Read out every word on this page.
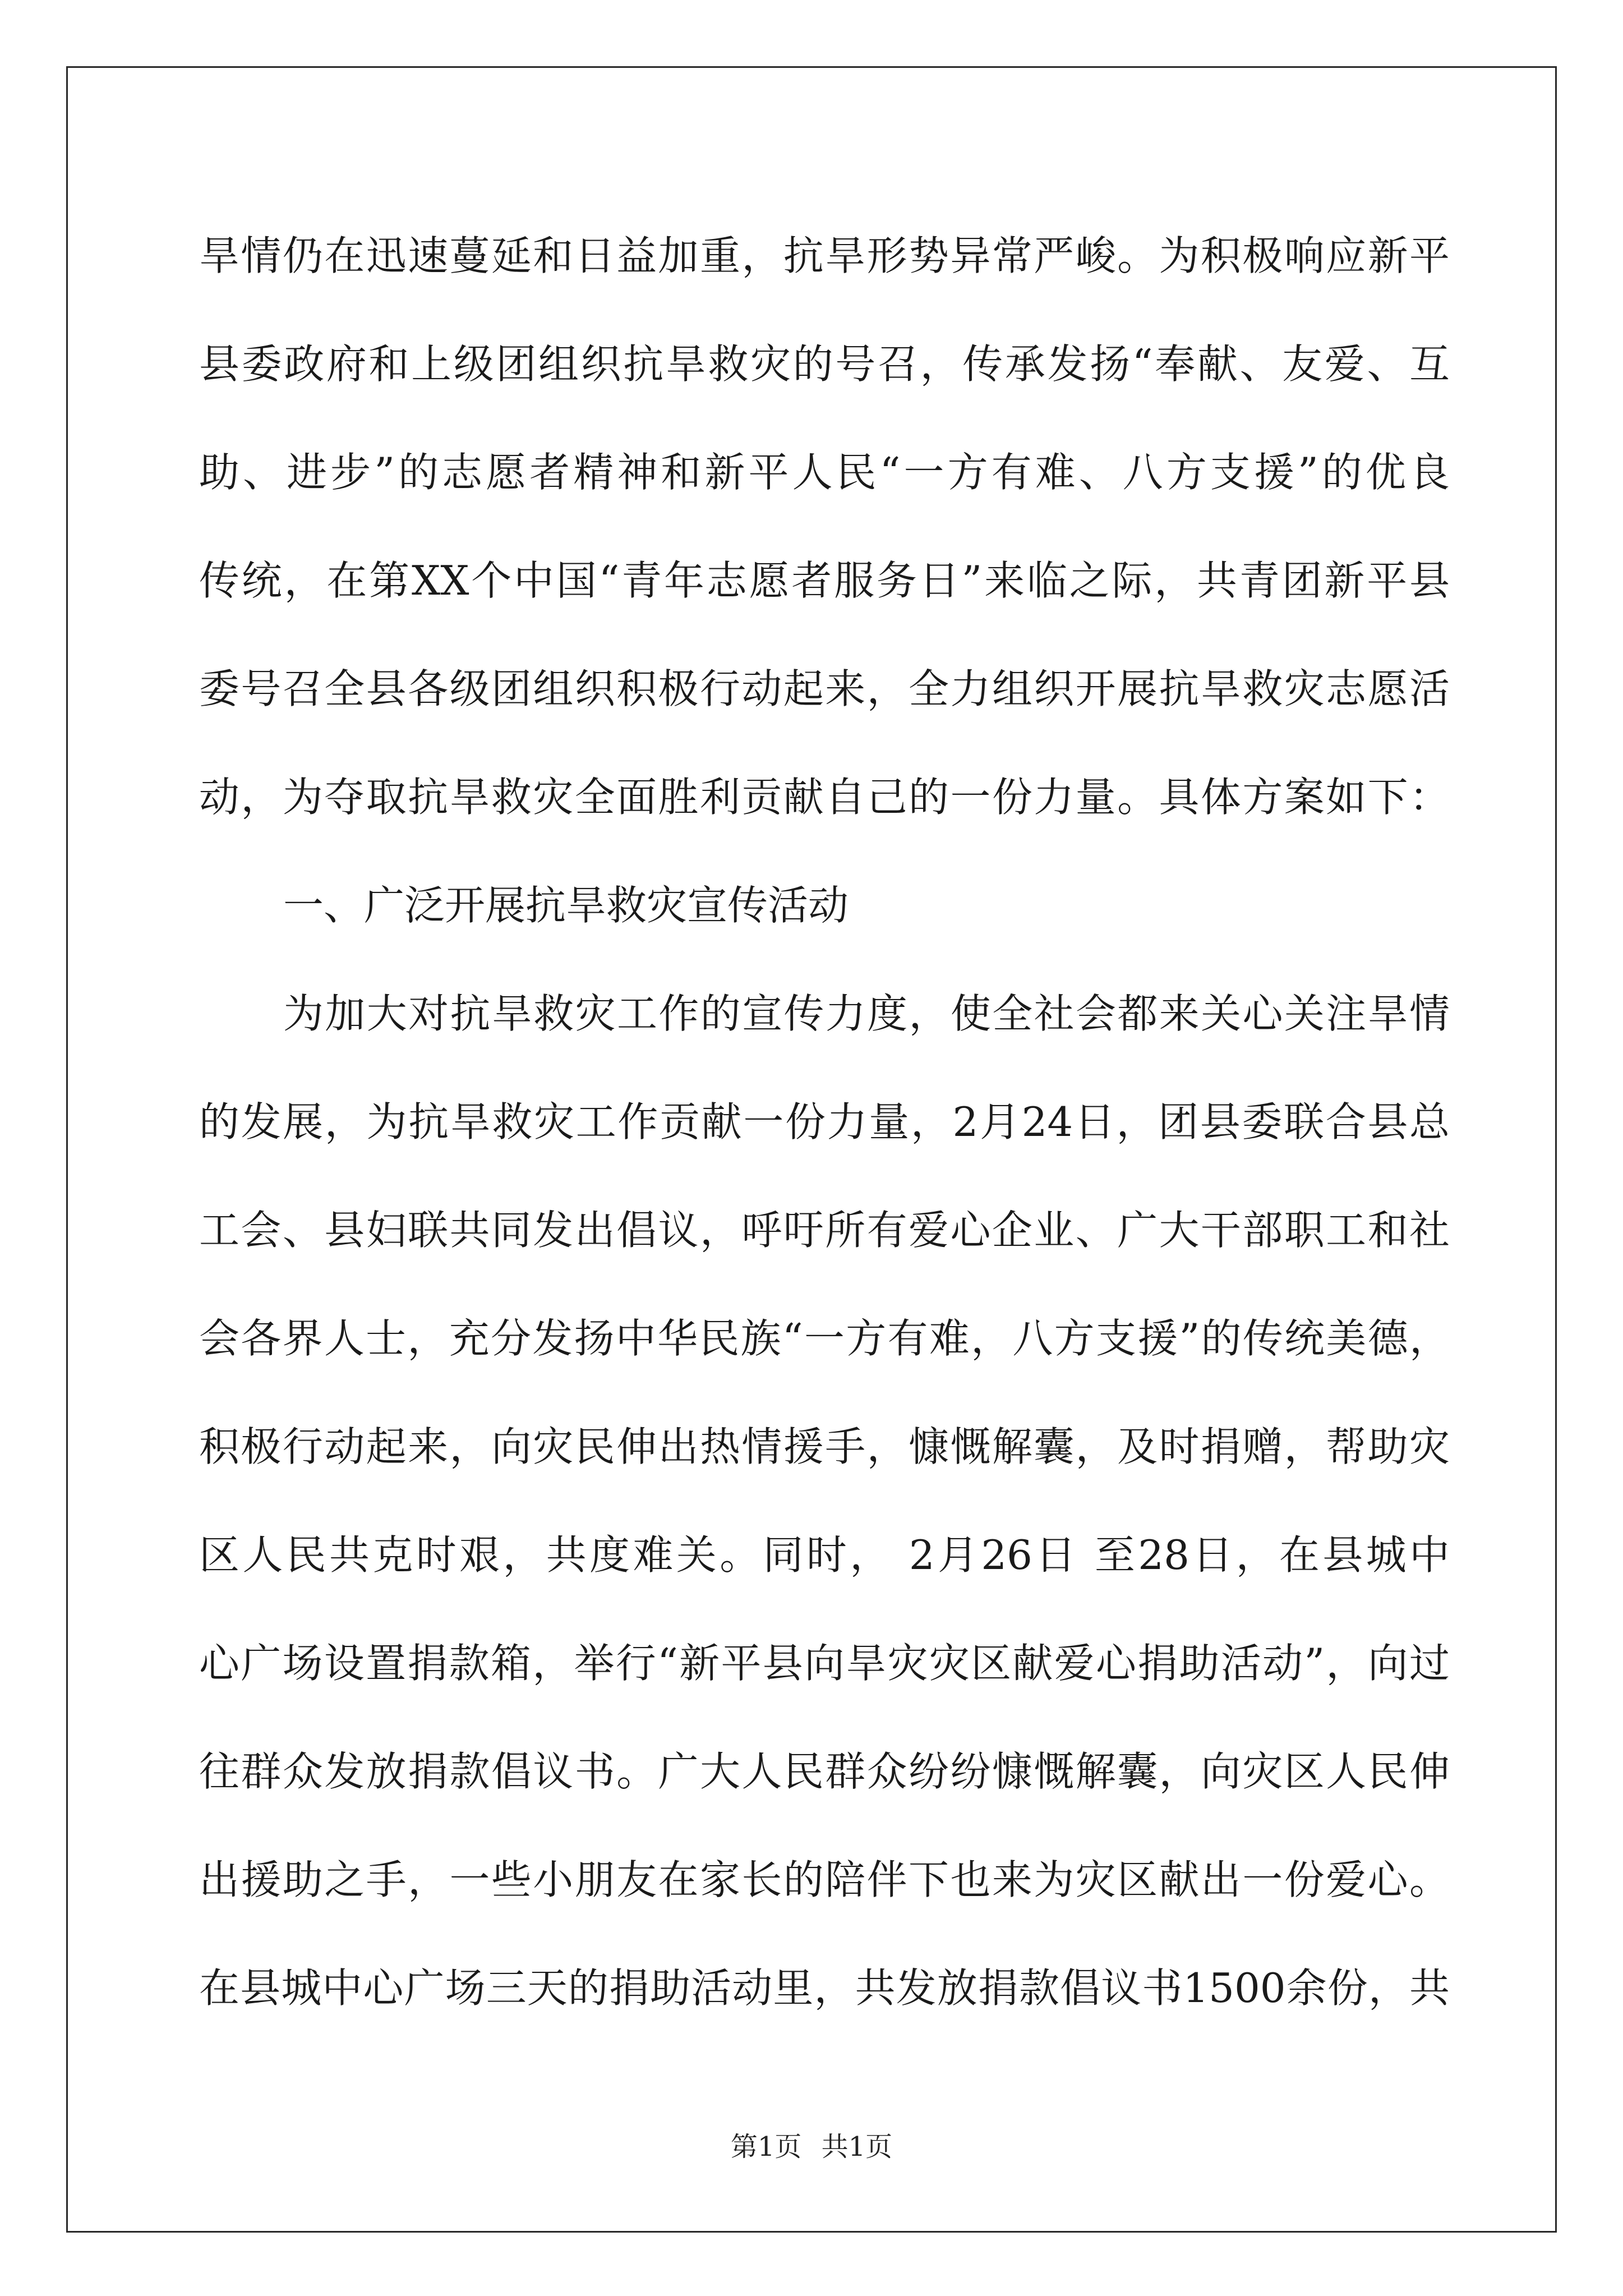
旱情仍在迅速蔓延和日益加重，抗旱形势异常严峻。为积极响应新平
县委政府和上级团组织抗旱救灾的号召，传承发扬“奉献、友爱、互
助、进步”的志愿者精神和新平人民“一方有难、八方支援”的优良
传统，在第XX个中国“青年志愿者服务日”来临之际，共青团新平县
委号召全县各级团组织积极行动起来，全力组织开展抗旱救灾志愿活
动，为夺取抗旱救灾全面胜利贡献自己的一份力量。具体方案如下：
一、广泛开展抗旱救灾宣传活动
为加大对抗旱救灾工作的宣传力度，使全社会都来关心关注旱情
的发展，为抗旱救灾工作贡献一份力量，2月24日，团县委联合县总
工会、县妇联共同发出倡议，呼吁所有爱心企业、广大干部职工和社
会各界人士，充分发扬中华民族“一方有难，八方支援”的传统美德，
积极行动起来，向灾民伸出热情援手，慷慨解囊，及时捐赠，帮助灾
区人民共克时艰，共度难关。同时， 2月26日 至28日，在县城中
心广场设置捐款箱，举行“新平县向旱灾灾区献爱心捐助活动”，向过
往群众发放捐款倡议书。广大人民群众纷纷慷慨解囊，向灾区人民伸
出援助之手，一些小朋友在家长的陪伴下也来为灾区献出一份爱心。
在县城中心广场三天的捐助活动里，共发放捐款倡议书1500余份，共
第1页 共1页
